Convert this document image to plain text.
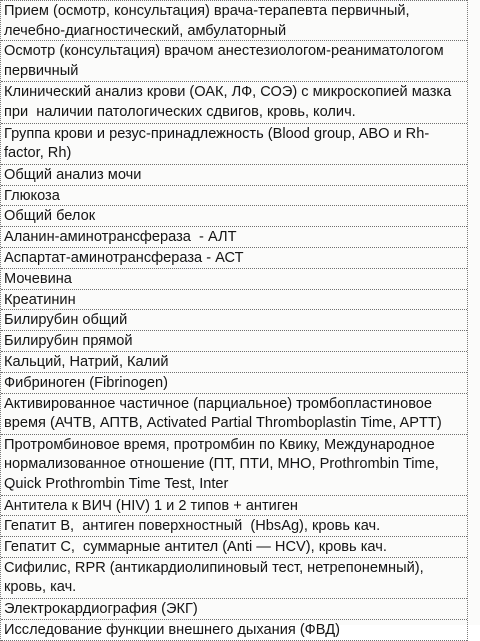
Прием (осмотр, консультация) врача-терапевта первичный, лечебно-диагностический, амбулаторный
Осмотр (консультация) врачом анестезиологом-реаниматологом первичный
Клинический анализ крови (ОАК, ЛФ, СОЭ) с микроскопией мазка  при  наличии патологических сдвигов, кровь, колич.
Группа крови и резус-принадлежность (Blood group, ABO и Rh-factor, Rh)
Общий анализ мочи
Глюкоза
Общий белок
Аланин-аминотрансфераза  - АЛТ
Аспартат-аминотрансфераза - АСТ
Мочевина
Креатинин
Билирубин общий
Билирубин прямой
Кальций, Натрий, Калий
Фибриноген (Fibrinogen)
Активированное частичное (парциальное) тромбопластиновое время (АЧТВ, АПТВ, Activated Partial Thromboplastin Time, APTT)
Протромбиновое время, протромбин по Квику, Международное нормализованное отношение (ПТ, ПТИ, МНО, Prothrombin Time, Quick Prothrombin Time Test, Inter
Антитела к ВИЧ (HIV) 1 и 2 типов + антиген
Гепатит В,  антиген поверхностный  (HbsAg), кровь кач.
Гепатит С,  суммарные антител (Anti — HCV), кровь кач.
Сифилис, RPR (антикардиолипиновый тест, нетрепонемный), кровь, кач.
Электрокардиография (ЭКГ)
Исследование функции внешнего дыхания (ФВД)
